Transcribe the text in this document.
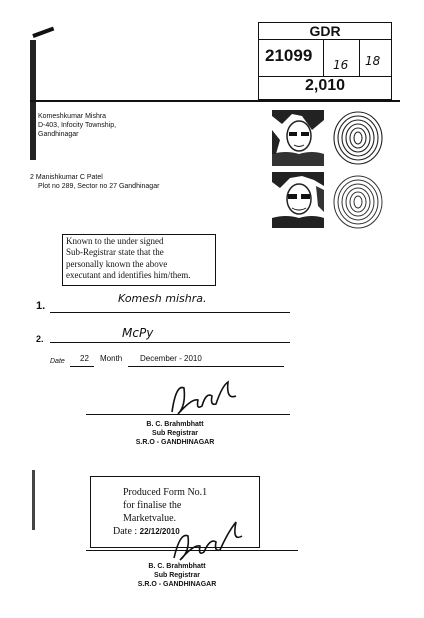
GDR
21099 16 18
2,010
Komeshkumar Mishra
D-403, Infocity Township,
Gandhinagar
2 Manishkumar C Patel
Plot no 289, Sector no 27 Gandhinagar
Known to the under signed
Sub-Registrar state that the
personally known the above
executant and identifies him/them.
1.
Komesh mishra.
2.	McPy
Date 22 Month December - 2010
B. C. Brahmbhatt
Sub Registrar
S.R.O - GANDHINAGAR
Produced Form No.1
for finalise the
Marketvalue.
Date : 22/12/2010
B. C. Brahmbhatt
Sub Registrar
S.R.O - GANDHINAGAR
